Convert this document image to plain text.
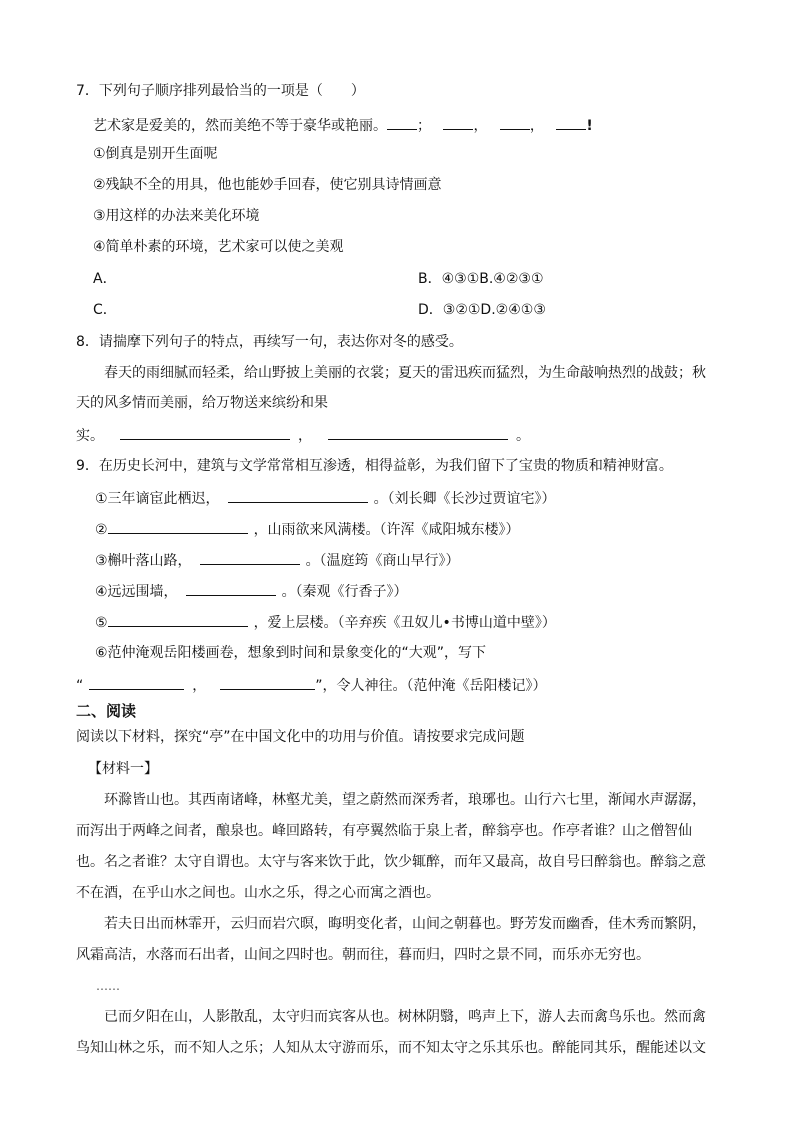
7．下列句子顺序排列最恰当的一项是（　　）
艺术家是爱美的，然而美绝不等于豪华或艳丽。 ；	，	，	!
①倒真是别开生面呢
②残缺不全的用具，他也能妙手回春，使它别具诗情画意
③用这样的办法来美化环境
④简单朴素的环境，艺术家可以使之美观
A．	B．④③①B.④②③①
C．	D．③②①D.②④①③
8．请揣摩下列句子的特点，再续写一句，表达你对冬的感受。
春天的雨细腻而轻柔，给山野披上美丽的衣裳；夏天的雷迅疾而猛烈，为生命敲响热烈的战鼓；秋
天的风多情而美丽，给万物送来缤纷和果
实。	，	。
9．在历史长河中，建筑与文学常常相互渗透，相得益彰，为我们留下了宝贵的物质和精神财富。
①三年谪宦此栖迟，	。（刘长卿《长沙过贾谊宅》）
②	，山雨欲来风满楼。（许浑《咸阳城东楼》）
③槲叶落山路，	。（温庭筠《商山早行》）
④远远围墙，	。（秦观《行香子》）
⑤	，爱上层楼。（辛弃疾《丑奴儿•书博山道中壁》）
⑥范仲淹观岳阳楼画卷，想象到时间和景象变化的“大观”，写下
“	，	”，令人神往。（范仲淹《岳阳楼记》）
二、阅读
阅读以下材料，探究“亭”在中国文化中的功用与价值。请按要求完成问题
【材料一】
环滁皆山也。其西南诸峰，林壑尤美，望之蔚然而深秀者，琅琊也。山行六七里，渐闻水声潺潺，
而泻出于两峰之间者，酿泉也。峰回路转，有亭翼然临于泉上者，醉翁亭也。作亭者谁？山之僧智仙
也。名之者谁？太守自谓也。太守与客来饮于此，饮少辄醉，而年又最高，故自号曰醉翁也。醉翁之意
不在酒，在乎山水之间也。山水之乐，得之心而寓之酒也。
若夫日出而林霏开，云归而岩穴暝，晦明变化者，山间之朝暮也。野芳发而幽香，佳木秀而繁阴，
风霜高洁，水落而石出者，山间之四时也。朝而往，暮而归，四时之景不同，而乐亦无穷也。
……
已而夕阳在山，人影散乱，太守归而宾客从也。树林阴翳，鸣声上下，游人去而禽鸟乐也。然而禽
鸟知山林之乐，而不知人之乐；人知从太守游而乐，而不知太守之乐其乐也。醉能同其乐，醒能述以文
